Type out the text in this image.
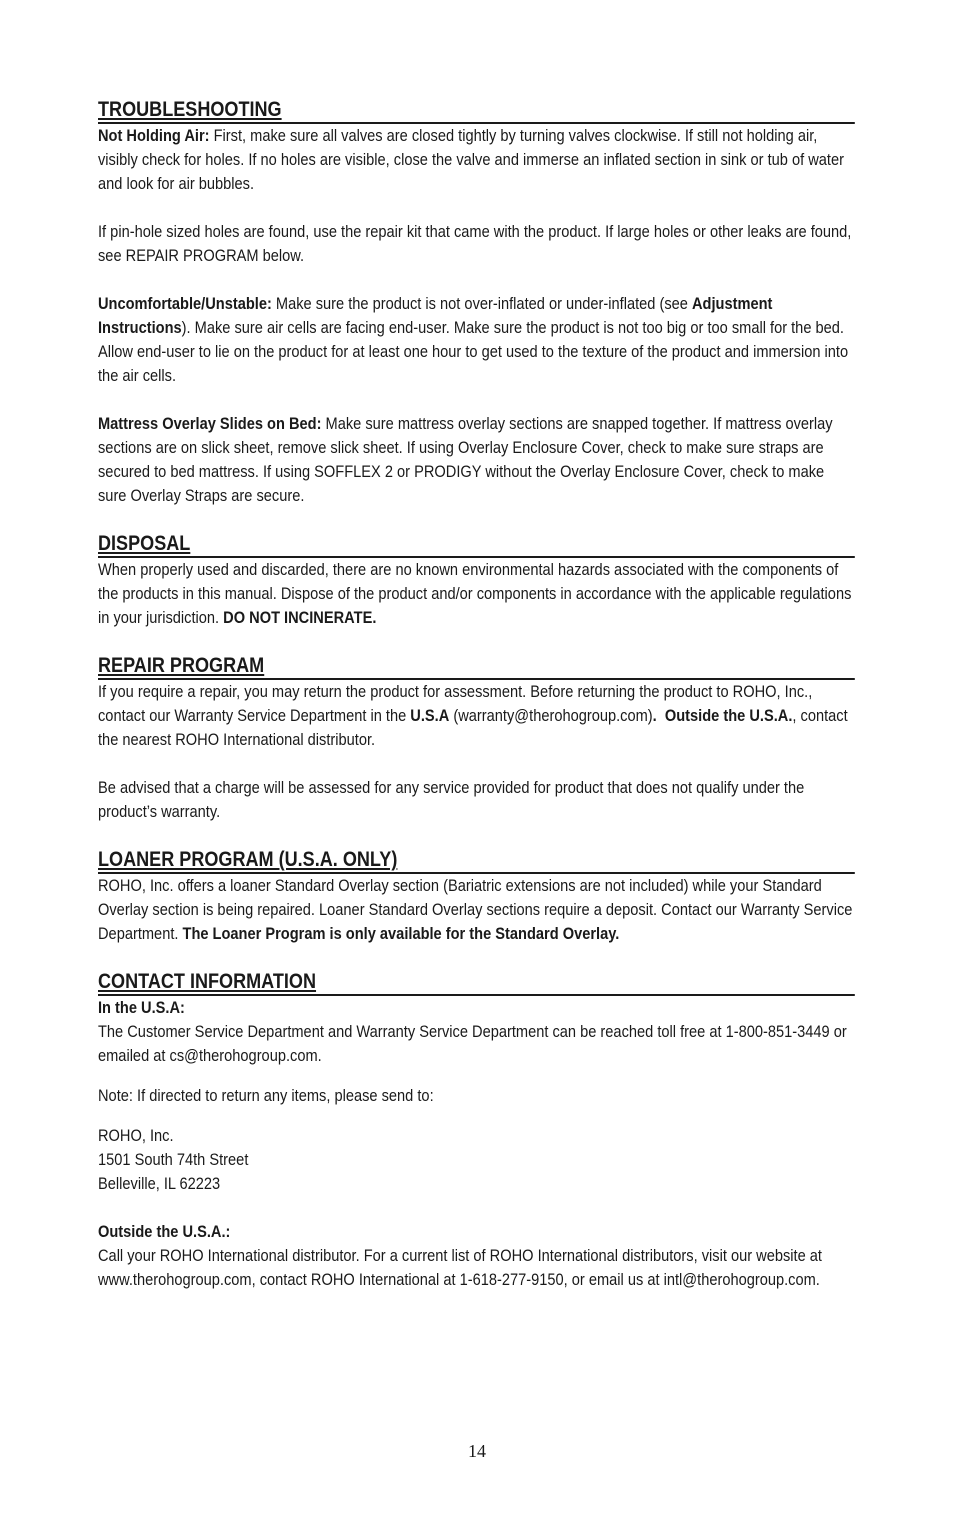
TROUBLESHOOTING

Not Holding Air: First, make sure all valves are closed tightly by turning valves clockwise. If still not holding air, visibly check for holes. If no holes are visible, close the valve and immerse an inflated section in sink or tub of water and look for air bubbles.

If pin-hole sized holes are found, use the repair kit that came with the product. If large holes or other leaks are found, see REPAIR PROGRAM below.

Uncomfortable/Unstable: Make sure the product is not over-inflated or under-inflated (see Adjustment Instructions). Make sure air cells are facing end-user. Make sure the product is not too big or too small for the bed. Allow end-user to lie on the product for at least one hour to get used to the texture of the product and immersion into the air cells.

Mattress Overlay Slides on Bed: Make sure mattress overlay sections are snapped together. If mattress overlay sections are on slick sheet, remove slick sheet. If using Overlay Enclosure Cover, check to make sure straps are secured to bed mattress. If using SOFFLEX 2 or PRODIGY without the Overlay Enclosure Cover, check to make sure Overlay Straps are secure.

DISPOSAL

When properly used and discarded, there are no known environmental hazards associated with the components of the products in this manual. Dispose of the product and/or components in accordance with the applicable regulations in your jurisdiction. DO NOT INCINERATE.

REPAIR PROGRAM

If you require a repair, you may return the product for assessment. Before returning the product to ROHO, Inc., contact our Warranty Service Department in the U.S.A (warranty@therohogroup.com).  Outside the U.S.A., contact the nearest ROHO International distributor.

Be advised that a charge will be assessed for any service provided for product that does not qualify under the product’s warranty.

LOANER PROGRAM (U.S.A. ONLY)

ROHO, Inc. offers a loaner Standard Overlay section (Bariatric extensions are not included) while your Standard Overlay section is being repaired. Loaner Standard Overlay sections require a deposit. Contact our Warranty Service Department. The Loaner Program is only available for the Standard Overlay.

CONTACT INFORMATION

In the U.S.A:

The Customer Service Department and Warranty Service Department can be reached toll free at 1-800-851-3449 or emailed at cs@therohogroup.com.

Note: If directed to return any items, please send to:

ROHO, Inc.

1501 South 74th Street

Belleville, IL 62223

Outside the U.S.A.:

Call your ROHO International distributor. For a current list of ROHO International distributors, visit our website at www.therohogroup.com, contact ROHO International at 1-618-277-9150, or email us at intl@therohogroup.com.

14
